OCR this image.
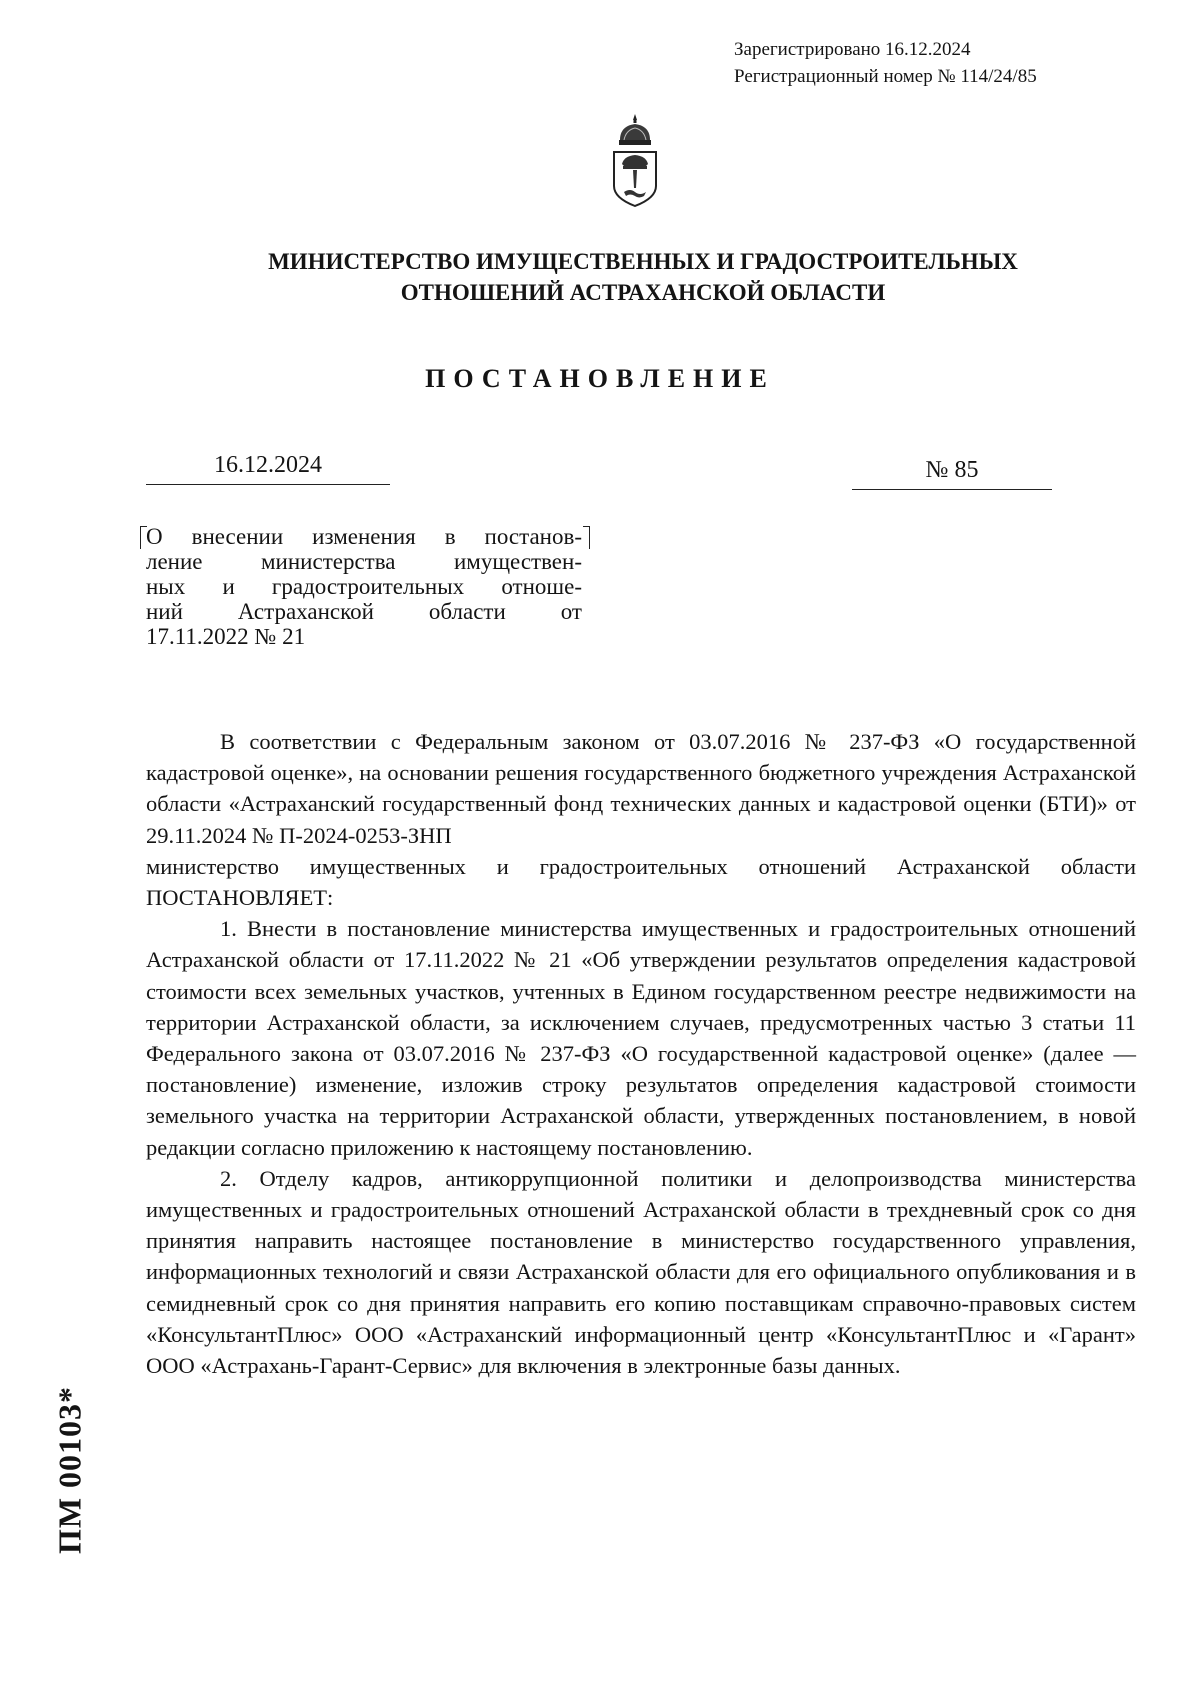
Зарегистрировано 16.12.2024
Регистрационный номер № 114/24/85
МИНИСТЕРСТВО ИМУЩЕСТВЕННЫХ И ГРАДОСТРОИТЕЛЬНЫХ
ОТНОШЕНИЙ АСТРАХАНСКОЙ ОБЛАСТИ
ПОСТАНОВЛЕНИЕ
16.12.2024	№ 85
О внесении изменения в постанов-
ление министерства имуществен-
ных и градостроительных отноше-
ний Астраханской области от
17.11.2022 № 21

В соответствии с Федеральным законом от 03.07.2016 № 237-ФЗ «О государственной кадастровой оценке», на основании решения государственного бюджетного учреждения Астраханской области «Астраханский государственный фонд технических данных и кадастровой оценки (БТИ)» от 29.11.2024 № П-2024-0253-ЗНП

министерство имущественных и градостроительных отношений Астраханской области ПОСТАНОВЛЯЕТ:

1. Внести в постановление министерства имущественных и градостроительных отношений Астраханской области от 17.11.2022 № 21 «Об утверждении результатов определения кадастровой стоимости всех земельных участков, учтенных в Едином государственном реестре недвижимости на территории Астраханской области, за исключением случаев, предусмотренных частью 3 статьи 11 Федерального закона от 03.07.2016 № 237-ФЗ «О государственной кадастровой оценке» (далее — постановление) изменение, изложив строку результатов определения кадастровой стоимости земельного участка на территории Астраханской области, утвержденных постановлением, в новой редакции согласно приложению к настоящему постановлению.

2. Отделу кадров, антикоррупционной политики и делопроизводства министерства имущественных и градостроительных отношений Астраханской области в трехдневный срок со дня принятия направить настоящее постановление в министерство государственного управления, информационных технологий и связи Астраханской области для его официального опубликования и в семидневный срок со дня принятия направить его копию поставщикам справочно-правовых систем «КонсультантПлюс» ООО «Астраханский информационный центр «КонсультантПлюс и «Гарант» ООО «Астрахань-Гарант-Сервис» для включения в электронные базы данных.

ПМ 00103*
